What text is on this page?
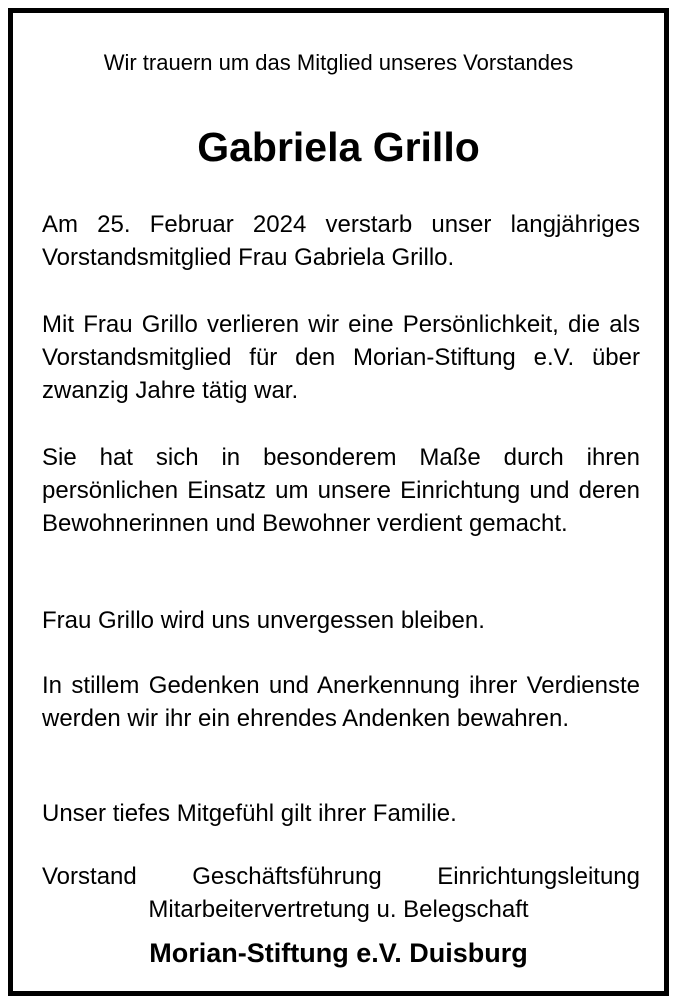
Wir trauern um das Mitglied unseres Vorstandes
Gabriela Grillo

Am 25. Februar 2024 verstarb unser langjähriges Vorstandsmitglied Frau Gabriela Grillo.

Mit Frau Grillo verlieren wir eine Persönlichkeit, die als Vorstandsmitglied für den Morian-Stiftung e.V. über zwanzig Jahre tätig war.

Sie hat sich in besonderem Maße durch ihren persönlichen Einsatz um unsere Einrichtung und deren Bewohnerinnen und Bewohner verdient gemacht.

Frau Grillo wird uns unvergessen bleiben.

In stillem Gedenken und Anerkennung ihrer Verdienste werden wir ihr ein ehrendes Andenken bewahren.

Unser tiefes Mitgefühl gilt ihrer Familie.

Vorstand Geschäftsführung Einrichtungsleitung
Mitarbeitervertretung u. Belegschaft
Morian-Stiftung e.V. Duisburg
